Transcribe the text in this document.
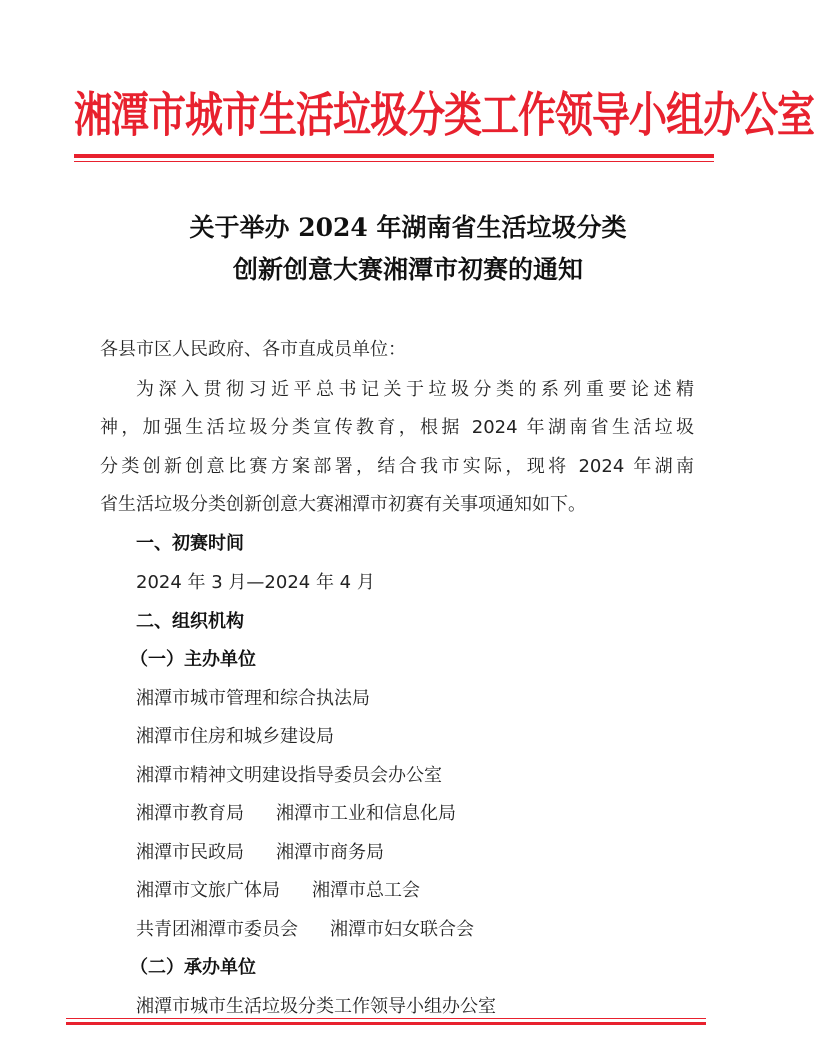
湘潭市城市生活垃圾分类工作领导小组办公室
关于举办 2024 年湖南省生活垃圾分类
创新创意大赛湘潭市初赛的通知
各县市区人民政府、各市直成员单位：
为深入贯彻习近平总书记关于垃圾分类的系列重要论述精
神，加强生活垃圾分类宣传教育，根据 2024 年湖南省生活垃圾
分类创新创意比赛方案部署，结合我市实际，现将 2024 年湖南
省生活垃圾分类创新创意大赛湘潭市初赛有关事项通知如下。
一、初赛时间
2024 年 3 月—2024 年 4 月
二、组织机构
（一）主办单位
湘潭市城市管理和综合执法局
湘潭市住房和城乡建设局
湘潭市精神文明建设指导委员会办公室
湘潭市教育局 湘潭市工业和信息化局
湘潭市民政局 湘潭市商务局
湘潭市文旅广体局 湘潭市总工会
共青团湘潭市委员会 湘潭市妇女联合会
（二）承办单位
湘潭市城市生活垃圾分类工作领导小组办公室
